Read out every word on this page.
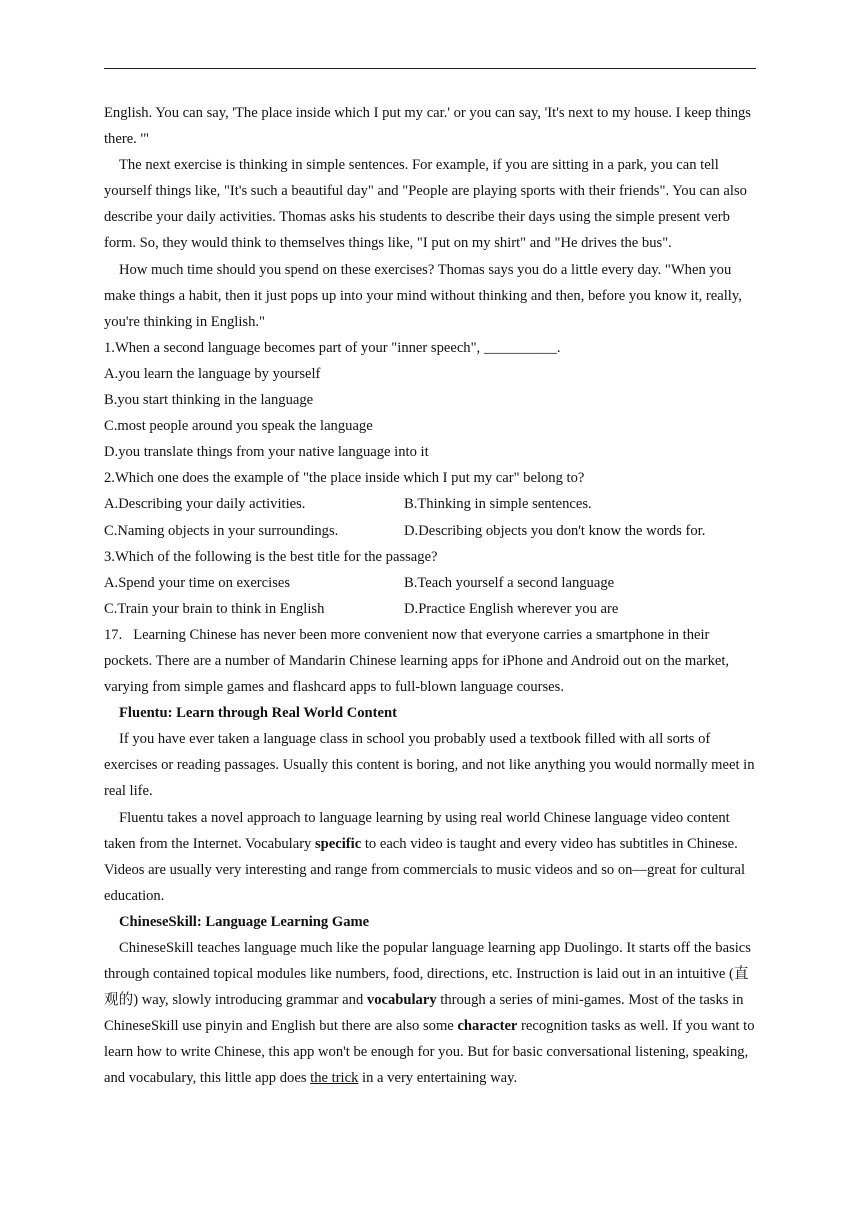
English. You can say, 'The place inside which I put my car.' or you can say, 'It's next to my house. I keep things there. '"

The next exercise is thinking in simple sentences. For example, if you are sitting in a park, you can tell yourself things like, "It's such a beautiful day" and "People are playing sports with their friends". You can also describe your daily activities. Thomas asks his students to describe their days using the simple present verb form. So, they would think to themselves things like, "I put on my shirt" and "He drives the bus".

How much time should you spend on these exercises? Thomas says you do a little every day. "When you make things a habit, then it just pops up into your mind without thinking and then, before you know it, really, you're thinking in English."

1.When a second language becomes part of your "inner speech", __________.

A.you learn the language by yourself

B.you start thinking in the language

C.most people around you speak the language

D.you translate things from your native language into it

2.Which one does the example of "the place inside which I put my car" belong to?

A.Describing your daily activities.	B.Thinking in simple sentences.

C.Naming objects in your surroundings.	D.Describing objects you don't know the words for.

3.Which of the following is the best title for the passage?

A.Spend your time on exercises	B.Teach yourself a second language

C.Train your brain to think in English	D.Practice English wherever you are

17.   Learning Chinese has never been more convenient now that everyone carries a smartphone in their pockets. There are a number of Mandarin Chinese learning apps for iPhone and Android out on the market, varying from simple games and flashcard apps to full-blown language courses.

Fluentu: Learn through Real World Content

If you have ever taken a language class in school you probably used a textbook filled with all sorts of exercises or reading passages. Usually this content is boring, and not like anything you would normally meet in real life.

Fluentu takes a novel approach to language learning by using real world Chinese language video content taken from the Internet. Vocabulary specific to each video is taught and every video has subtitles in Chinese. Videos are usually very interesting and range from commercials to music videos and so on—great for cultural education.

ChineseSkill: Language Learning Game

ChineseSkill teaches language much like the popular language learning app Duolingo. It starts off the basics through contained topical modules like numbers, food, directions, etc. Instruction is laid out in an intuitive (直观的) way, slowly introducing grammar and vocabulary through a series of mini-games. Most of the tasks in ChineseSkill use pinyin and English but there are also some character recognition tasks as well. If you want to learn how to write Chinese, this app won't be enough for you. But for basic conversational listening, speaking, and vocabulary, this little app does the trick in a very entertaining way.
